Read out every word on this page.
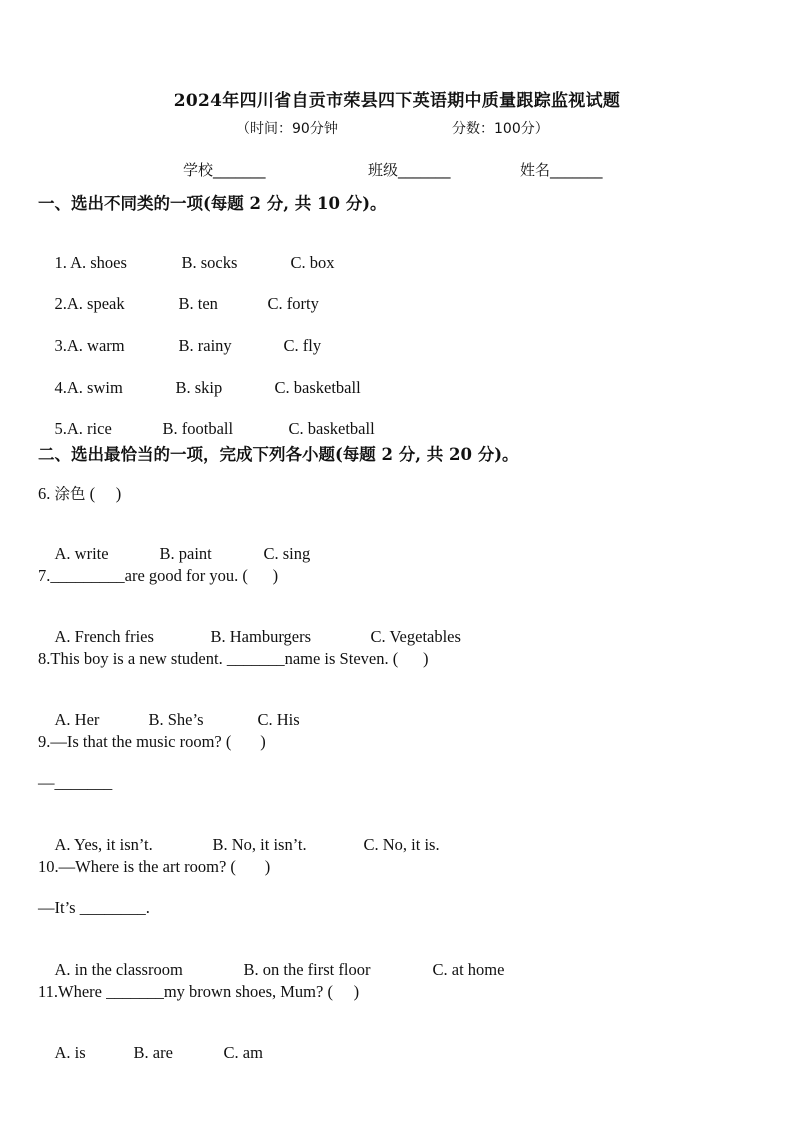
2024年四川省自贡市荣县四下英语期中质量跟踪监视试题
（时间：90分钟	分数：100分）
学校_______	班级_______	姓名_______
一、选出不同类的一项(每题 2 分, 共 10 分)。

1. A. shoes	B. socks	C. box

2.A. speak	B. ten	C. forty

3.A. warm	B. rainy	C. fly

4.A. swim	B. skip	C. basketball

5.A. rice	B. football	C. basketball

二、选出最恰当的一项，完成下列各小题(每题 2 分, 共 20 分)。
6. 涂色 (     )

A. write	B. paint	C. sing

7._________are good for you. (      )

A. French fries	B. Hamburgers	C. Vegetables

8.This boy is a new student. _______name is Steven. (      )

A. Her	B. She’s	C. His

9.—Is that the music room? (       )
—_______

A. Yes, it isn’t.	B. No, it isn’t.	C. No, it is.

10.—Where is the art room? (       )
—It’s ________.

A. in the classroom	B. on the first floor	C. at home

11.Where _______my brown shoes, Mum? (     )

A. is	B. are	C. am
